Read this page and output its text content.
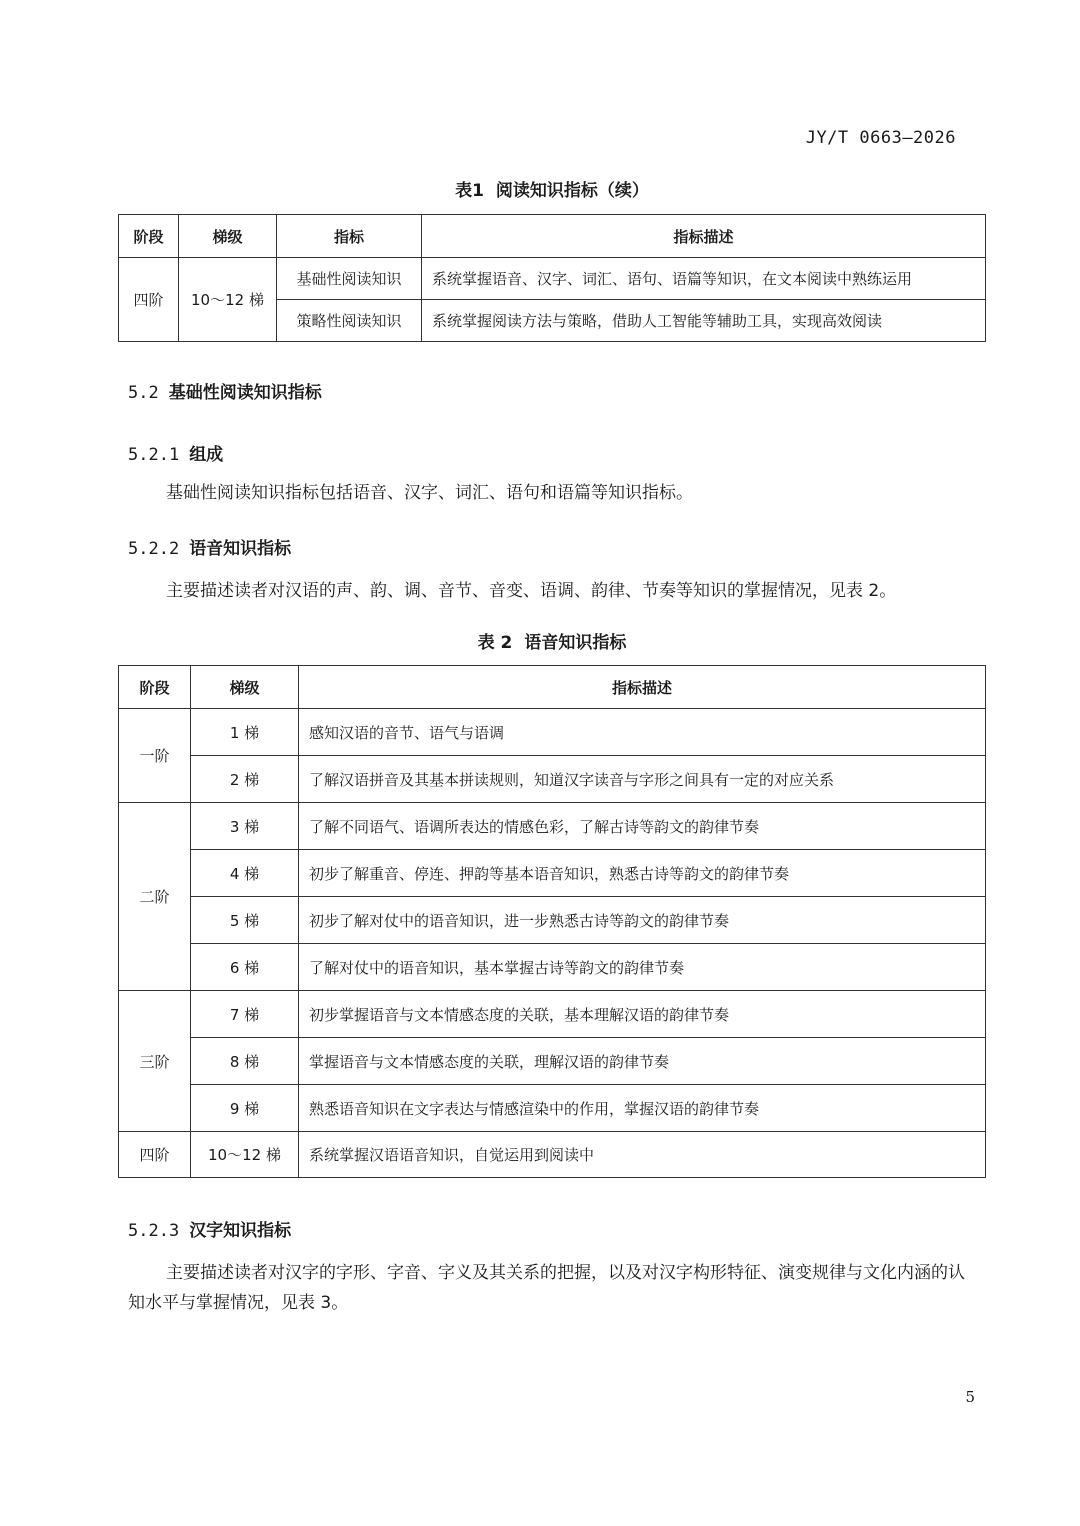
JY/T 0663—2026
表1 阅读知识指标（续）
阶段	梯级	指标	指标描述
四阶	10～12 梯	基础性阅读知识	系统掌握语音、汉字、词汇、语句、语篇等知识，在文本阅读中熟练运用
		策略性阅读知识	系统掌握阅读方法与策略，借助人工智能等辅助工具，实现高效阅读
5.2 基础性阅读知识指标
5.2.1 组成
基础性阅读知识指标包括语音、汉字、词汇、语句和语篇等知识指标。
5.2.2 语音知识指标
主要描述读者对汉语的声、韵、调、音节、音变、语调、韵律、节奏等知识的掌握情况，见表 2。
表 2 语音知识指标
阶段	梯级	指标描述
一阶	1 梯	感知汉语的音节、语气与语调
	2 梯	了解汉语拼音及其基本拼读规则，知道汉字读音与字形之间具有一定的对应关系
二阶	3 梯	了解不同语气、语调所表达的情感色彩，了解古诗等韵文的韵律节奏
	4 梯	初步了解重音、停连、押韵等基本语音知识，熟悉古诗等韵文的韵律节奏
	5 梯	初步了解对仗中的语音知识，进一步熟悉古诗等韵文的韵律节奏
	6 梯	了解对仗中的语音知识，基本掌握古诗等韵文的韵律节奏
三阶	7 梯	初步掌握语音与文本情感态度的关联，基本理解汉语的韵律节奏
	8 梯	掌握语音与文本情感态度的关联，理解汉语的韵律节奏
	9 梯	熟悉语音知识在文字表达与情感渲染中的作用，掌握汉语的韵律节奏
四阶	10～12 梯	系统掌握汉语语音知识，自觉运用到阅读中
5.2.3 汉字知识指标
主要描述读者对汉字的字形、字音、字义及其关系的把握，以及对汉字构形特征、演变规律与文化内涵的认知水平与掌握情况，见表 3。
5
